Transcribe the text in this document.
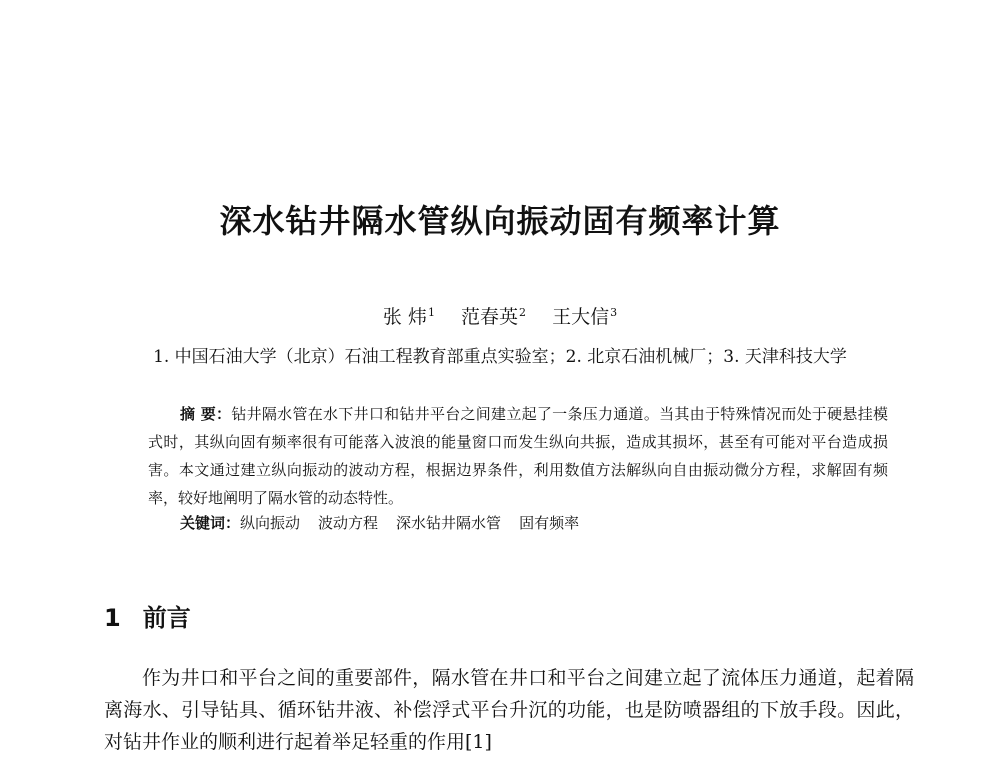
深水钻井隔水管纵向振动固有频率计算
张 炜$^1$ 范春英$^2$ 王大信$^3$
1. 中国石油大学（北京）石油工程教育部重点实验室；2. 北京石油机械厂；3. 天津科技大学
摘 要：钻井隔水管在水下井口和钻井平台之间建立起了一条压力通道。当其由于特殊情况而处于硬悬挂模式时，其纵向固有频率很有可能落入波浪的能量窗口而发生纵向共振，造成其损坏，甚至有可能对平台造成损害。本文通过建立纵向振动的波动方程，根据边界条件，利用数值方法解纵向自由振动微分方程，求解固有频率，较好地阐明了隔水管的动态特性。
关键词：纵向振动 波动方程 深水钻井隔水管 固有频率
1 前言
作为井口和平台之间的重要部件，隔水管在井口和平台之间建立起了流体压力通道，起着隔离海水、引导钻具、循环钻井液、补偿浮式平台升沉的功能，也是防喷器组的下放手段。因此，对钻井作业的顺利进行起着举足轻重的作用[1]
